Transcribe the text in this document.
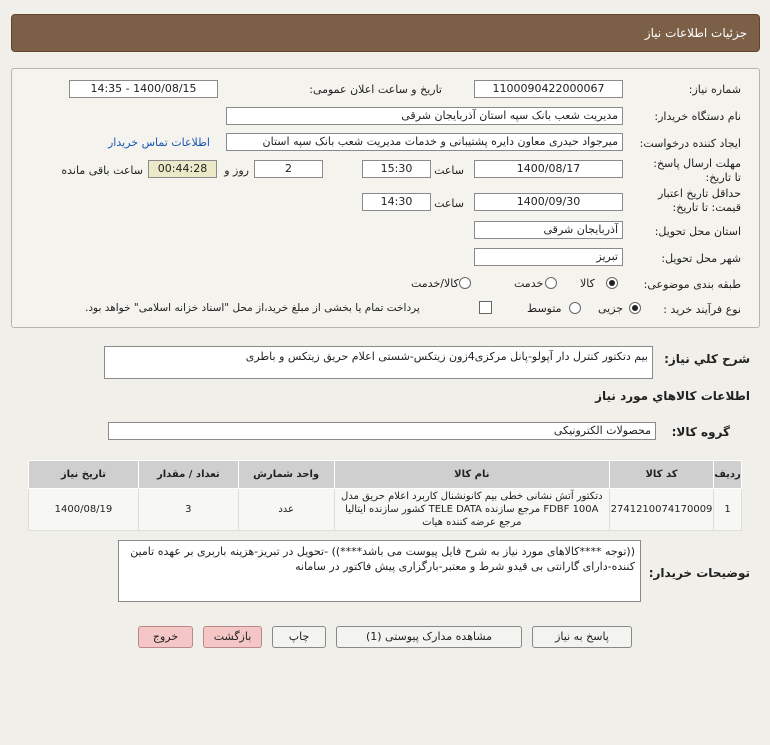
جزئیات اطلاعات نیاز
شماره نیاز:
1100090422000067
تاریخ و ساعت اعلان عمومی:
1400/08/15 - 14:35
نام دستگاه خریدار:
مدیریت شعب بانک سپه استان آذربایجان شرقی
ایجاد کننده درخواست:
میرجواد حیدری معاون دایره پشتیبانی و خدمات مدیریت شعب بانک سپه استان
اطلاعات تماس خریدار
مهلت ارسال پاسخ: تا تاریخ:
1400/08/17
ساعت
15:30
2
روز و
00:44:28
ساعت باقی مانده
حداقل تاریخ اعتبار قیمت: تا تاریخ:
1400/09/30
ساعت
14:30
استان محل تحویل:
آذربایجان شرقی
شهر محل تحویل:
تبریز
طبقه بندی موضوعی:
کالا
خدمت
کالا/خدمت
نوع فرآیند خرید :
جزیی
متوسط
پرداخت تمام یا بخشی از مبلغ خرید،از محل "اسناد خزانه اسلامی" خواهد بود.
شرح كلي نياز:
بیم دتکتور کنترل دار آپولو-پانل مرکزی4زون زیتکس-شستی اعلام حریق زیتکس و باطری
اطلاعات كالاهاي مورد نياز
گروه کالا:
محصولات الکترونیکی
ردیف	کد کالا	نام کالا	واحد شمارش	تعداد / مقدار	تاریخ نیاز
1	2741210074170009	دتکتور آتش نشانی خطی بیم کانونشنال کاربرد اعلام حریق مدل FDBF 100A مرجع سازنده TELE DATA کشور سازنده ایتالیا مرجع عرضه کننده هیات	عدد	3	1400/08/19
توضیحات خریدار:
((توجه ****کالاهای مورد نیاز به شرح فایل پیوست می باشد****)) -تحویل در تبریز-هزینه باربری بر عهده تامین کننده-دارای گارانتی بی قیدو شرط و معتبر-بارگزاری پیش فاکتور در سامانه
پاسخ به نیاز
مشاهده مدارک پیوستی (1)
چاپ
بازگشت
خروج
